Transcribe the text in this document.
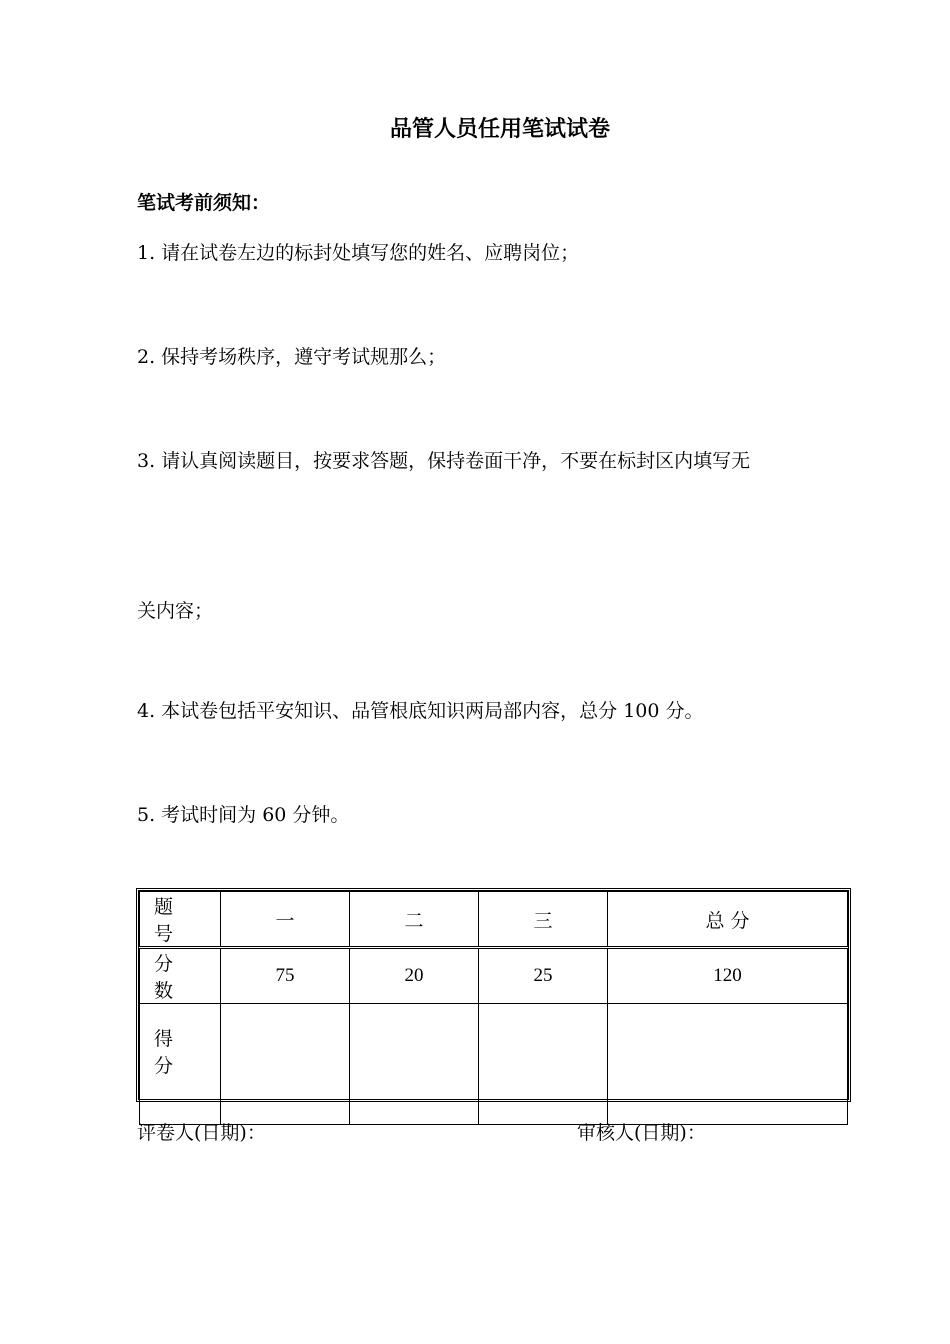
品管人员任用笔试试卷
笔试考前须知：
1. 请在试卷左边的标封处填写您的姓名、应聘岗位；
2. 保持考场秩序，遵守考试规那么；
3. 请认真阅读题目，按要求答题，保持卷面干净，不要在标封区内填写无
关内容；
4. 本试卷包括平安知识、品管根底知识两局部内容，总分 100 分。
5. 考试时间为 60 分钟。
题 号	一	二	三	总 分
分 数	75	20	25	120
得 分				
评卷人(日期)：	审核人(日期)：
